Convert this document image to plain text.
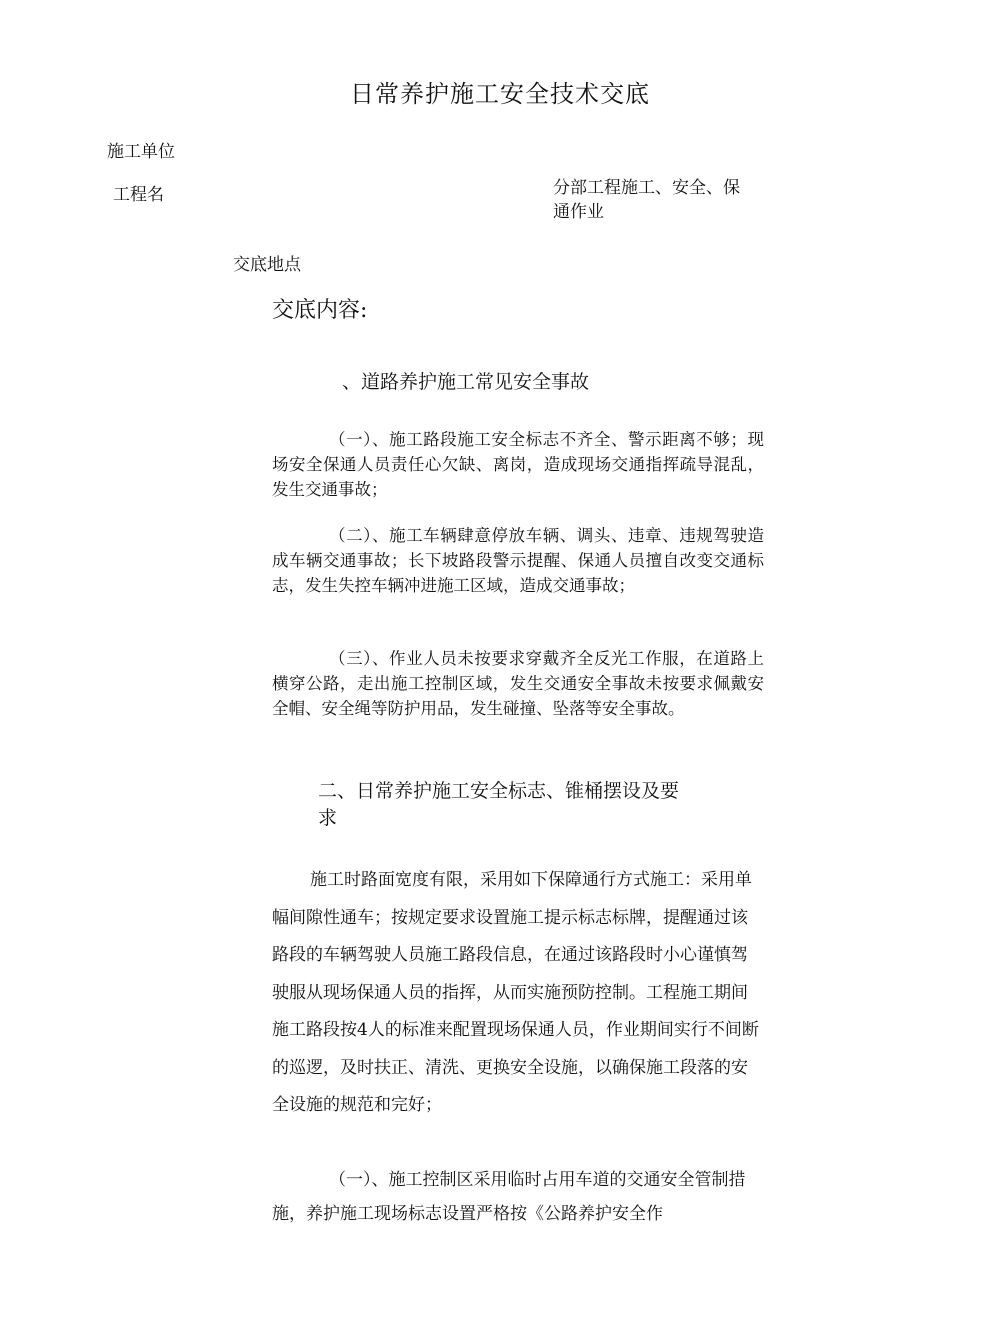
日常养护施工安全技术交底
施工单位
工程名	分部工程施工、安全、保
通作业
交底地点
交底内容:
、道路养护施工常见安全事故

（一）、施工路段施工安全标志不齐全、警示距离不够；现场安全保通人员责任心欠缺、离岗，造成现场交通指挥疏导混乱，发生交通事故；

（二）、施工车辆肆意停放车辆、调头、违章、违规驾驶造成车辆交通事故；长下坡路段警示提醒、保通人员擅自改变交通标志，发生失控车辆冲进施工区域，造成交通事故；

（三）、作业人员未按要求穿戴齐全反光工作服，在道路上横穿公路，走出施工控制区域，发生交通安全事故未按要求佩戴安全帽、安全绳等防护用品，发生碰撞、坠落等安全事故。

二、日常养护施工安全标志、锥桶摆设及要
求

施工时路面宽度有限，采用如下保障通行方式施工：采用单幅间隙性通车；按规定要求设置施工提示标志标牌，提醒通过该路段的车辆驾驶人员施工路段信息，在通过该路段时小心谨慎驾驶服从现场保通人员的指挥，从而实施预防控制。工程施工期间施工路段按4人的标准来配置现场保通人员，作业期间实行不间断的巡逻，及时扶正、清洗、更换安全设施，以确保施工段落的安全设施的规范和完好；

（一）、施工控制区采用临时占用车道的交通安全管制措施，养护施工现场标志设置严格按《公路养护安全作
